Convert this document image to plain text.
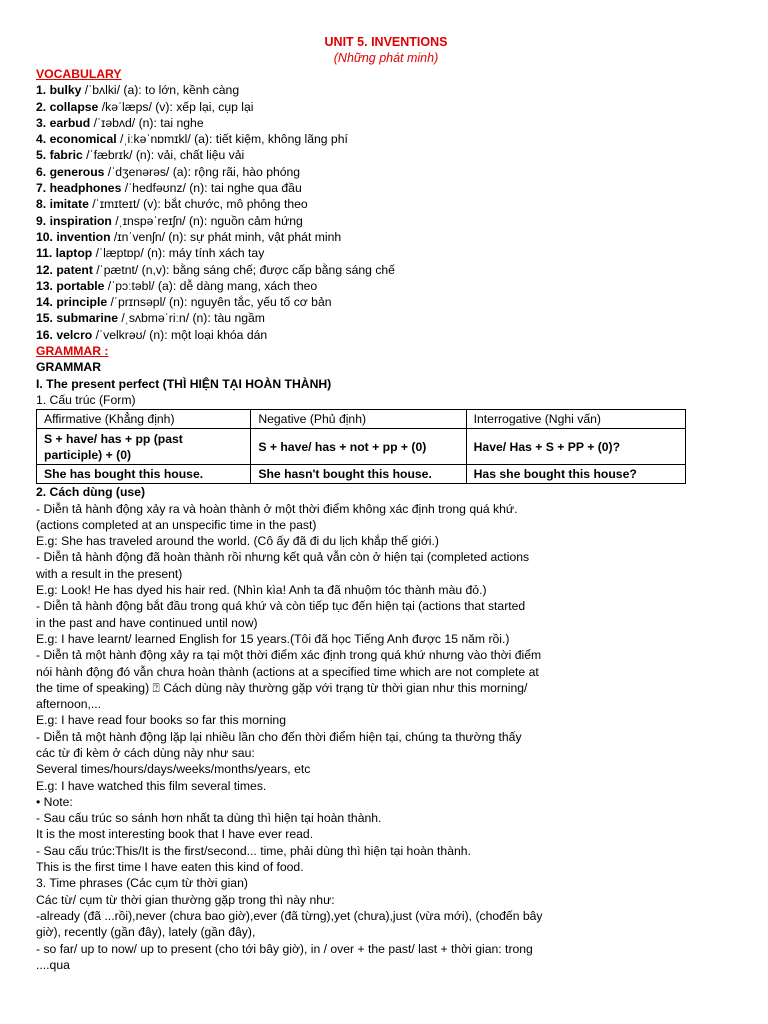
UNIT 5. INVENTIONS
(Những phát minh)
VOCABULARY
1. bulky /ˈbʌlki/ (a): to lớn, kềnh càng
2. collapse /kəˈlæps/ (v): xếp lại, cụp lại
3. earbud /ˈɪəbʌd/ (n): tai nghe
4. economical /ˌiːkəˈnɒmɪkl/ (a): tiết kiệm, không lãng phí
5. fabric /ˈfæbrɪk/ (n): vải, chất liệu vải
6. generous /ˈdʒenərəs/ (a): rộng rãi, hào phóng
7. headphones /ˈhedfəʊnz/ (n): tai nghe qua đầu
8. imitate /ˈɪmɪteɪt/ (v): bắt chước, mô phỏng theo
9. inspiration /ˌɪnspəˈreɪʃn/ (n): nguồn cảm hứng
10. invention /ɪnˈvenʃn/ (n): sự phát minh, vật phát minh
11. laptop /ˈlæptɒp/ (n): máy tính xách tay
12. patent /ˈpætnt/ (n,v): bằng sáng chế; được cấp bằng sáng chế
13. portable /ˈpɔːtəbl/ (a): dễ dàng mang, xách theo
14. principle /ˈprɪnsəpl/ (n): nguyên tắc, yếu tố cơ bản
15. submarine /ˌsʌbməˈriːn/ (n): tàu ngầm
16. velcro /ˈvelkrəʊ/ (n): một loại khóa dán
GRAMMAR :
GRAMMAR
I. The present perfect (THÌ HIỆN TẠI HOÀN THÀNH)
1. Cấu trúc (Form)
Affirmative (Khẳng định)	Negative (Phủ định)	Interrogative (Nghi vấn)
S + have/ has + pp (past participle) + (0)	S + have/ has + not + pp + (0)	Have/ Has + S + PP + (0)?
She has bought this house.	She hasn't bought this house.	Has she bought this house?
2. Cách dùng (use)
- Diễn tả hành động xảy ra và hoàn thành ở một thời điểm không xác định trong quá khứ.
(actions completed at an unspecific time in the past)
E.g: She has traveled around the world. (Cô ấy đã đi du lịch khắp thế giới.)
- Diễn tả hành động đã hoàn thành rồi nhưng kết quả vẫn còn ở hiện tại (completed actions
with a result in the present)
E.g: Look! He has dyed his hair red. (Nhìn kìa! Anh ta đã nhuộm tóc thành màu đỏ.)
- Diễn tả hành động bắt đầu trong quá khứ và còn tiếp tục đến hiện tại (actions that started
in the past and have continued until now)
E.g: I have learnt/ learned English for 15 years.(Tôi đã học Tiếng Anh được 15 năm rồi.)
- Diễn tả một hành động xảy ra tại một thời điểm xác định trong quá khứ nhưng vào thời điểm
nói hành động đó vẫn chưa hoàn thành (actions at a specified time which are not complete at
the time of speaking) ⍰ Cách dùng này thường gặp với trạng từ thời gian như this morning/
afternoon,...
E.g: I have read four books so far this morning
- Diễn tả một hành động lặp lại nhiều lần cho đến thời điểm hiện tại, chúng ta thường thấy
các từ đi kèm ở cách dùng này như sau:
Several times/hours/days/weeks/months/years, etc
E.g: I have watched this film several times.
• Note:
- Sau cấu trúc so sánh hơn nhất ta dùng thì hiện tại hoàn thành.
It is the most interesting book that I have ever read.
- Sau cấu trúc:This/It is the first/second... time, phải dùng thì hiện tại hoàn thành.
This is the first time I have eaten this kind of food.
3. Time phrases (Các cụm từ thời gian)
Các từ/ cụm từ thời gian thường gặp trong thì này như:
-already (đã ...rồi),never (chưa bao giờ),ever (đã từng),yet (chưa),just (vừa mới), (chođến bây
giờ), recently (gần đây), lately (gần đây),
- so far/ up to now/ up to present (cho tới bây giờ), in / over + the past/ last + thời gian: trong
....qua
